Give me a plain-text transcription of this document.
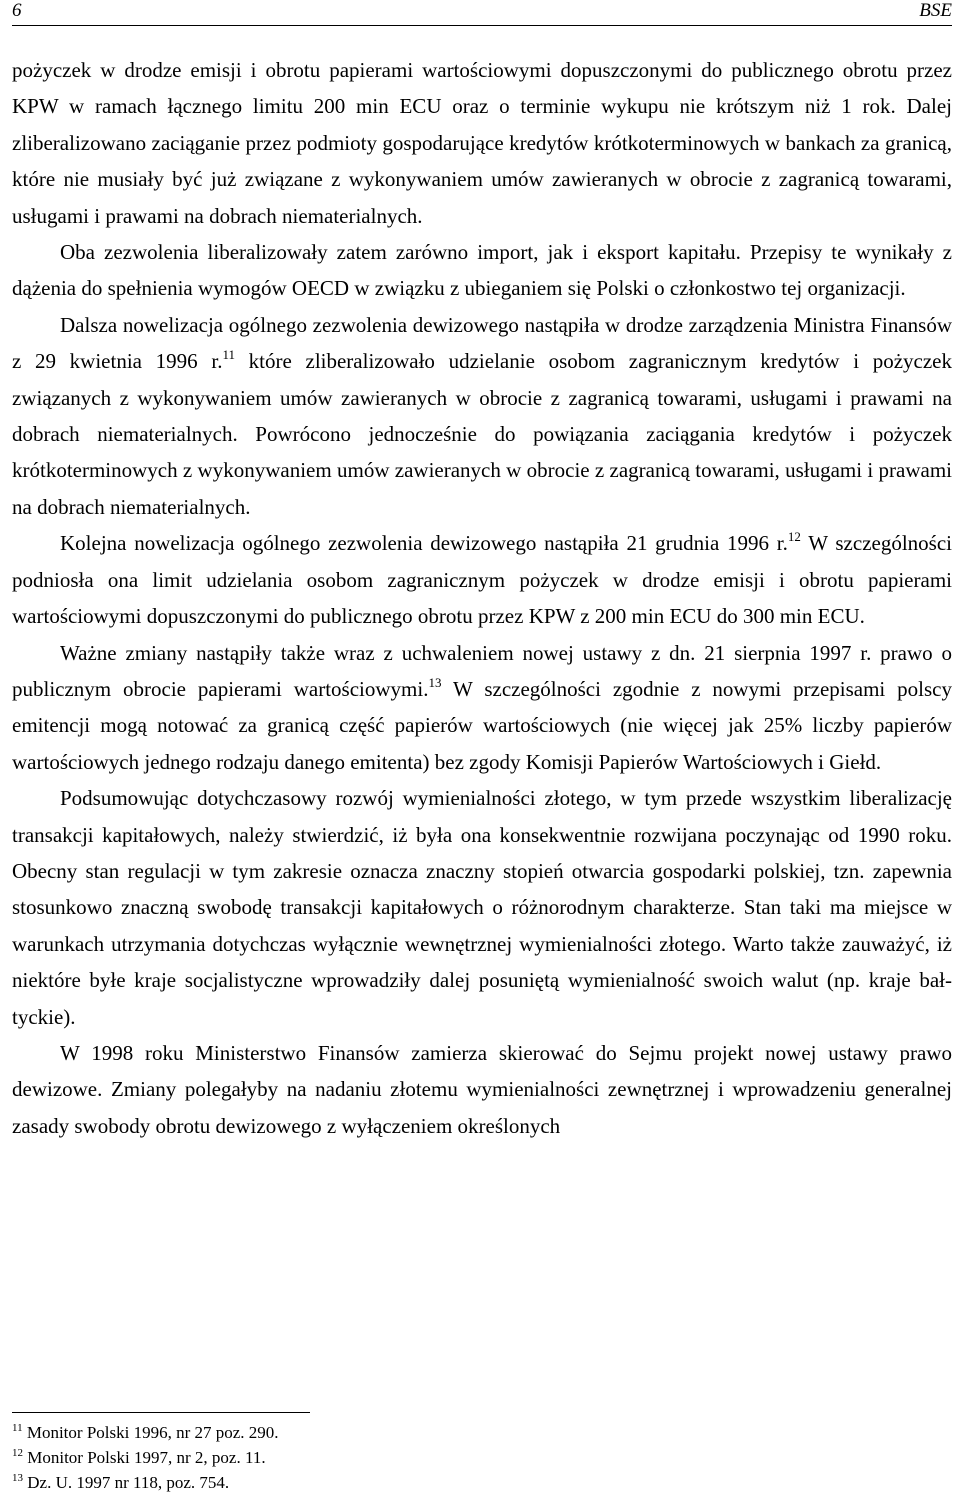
6	BSE

pożyczek w drodze emisji i obrotu papierami wartościowymi dopuszczonymi do publicznego obrotu przez KPW w ramach łącznego limitu 200 min ECU oraz o terminie wykupu nie krótszym niż 1 rok. Dalej zliberalizowano zaciąganie przez podmioty gospodarujące kredytów krótkoterminowych w bankach za granicą, które nie musiały być już związane z wykonywaniem umów zawieranych w obrocie z zagranicą towarami, usługami i prawami na dobrach niematerialnych.

Oba zezwolenia liberalizowały zatem zarówno import, jak i eksport kapitału. Przepisy te wynikały z dążenia do spełnienia wymogów OECD w związku z ubieganiem się Polski o członkostwo tej organizacji.

Dalsza nowelizacja ogólnego zezwolenia dewizowego nastąpiła w drodze zarządzenia Ministra Finansów z 29 kwietnia 1996 r.$^{11}$ które zliberalizowało udzielanie osobom zagranicznym kredytów i pożyczek związanych z wykonywaniem umów zawieranych w obrocie z zagranicą towarami, usługami i prawami na dobrach niematerialnych. Powrócono jednocześnie do powiązania zaciągania kredytów i pożyczek krótkoterminowych z wykonywaniem umów zawieranych w obrocie z zagranicą towarami, usługami i prawami na dobrach niematerialnych.

Kolejna nowelizacja ogólnego zezwolenia dewizowego nastąpiła 21 grudnia 1996 r.$^{12}$ W szczególności podniosła ona limit udzielania osobom zagranicznym pożyczek w drodze emisji i obrotu papierami wartościowymi dopuszczonymi do publicznego obrotu przez KPW z 200 min ECU do 300 min ECU.

Ważne zmiany nastąpiły także wraz z uchwaleniem nowej ustawy z dn. 21 sierpnia 1997 r. prawo o publicznym obrocie papierami wartościowymi.$^{13}$ W szczególności zgodnie z nowymi przepisami polscy emitencji mogą notować za granicą część papierów wartościowych (nie więcej jak 25% liczby papierów wartościowych jednego rodzaju danego emitenta) bez zgody Komisji Papierów Wartościowych i Giełd.

Podsumowując dotychczasowy rozwój wymienialności złotego, w tym przede wszystkim liberalizację transakcji kapitałowych, należy stwierdzić, iż była ona konsekwentnie rozwijana poczynając od 1990 roku. Obecny stan regulacji w tym zakresie oznacza znaczny stopień otwarcia gospodarki polskiej, tzn. zapewnia stosunkowo znaczną swobodę transakcji kapitałowych o różnorodnym charakterze. Stan taki ma miejsce w warunkach utrzymania dotychczas wyłącznie wewnętrznej wymienialności złotego. Warto także zauważyć, iż niektóre byłe kraje socjalistyczne wprowadziły dalej posuniętą wymienialność swoich walut (np. kraje bałtyckie).

W 1998 roku Ministerstwo Finansów zamierza skierować do Sejmu projekt nowej ustawy prawo dewizowe. Zmiany polegałyby na nadaniu złotemu wymienialności zewnętrznej i wprowadzeniu generalnej zasady swobody obrotu dewizowego z wyłączeniem określonych

$^{11}$ Monitor Polski 1996, nr 27 poz. 290.

$^{12}$ Monitor Polski 1997, nr 2, poz. 11.

$^{13}$ Dz. U. 1997 nr 118, poz. 754.
